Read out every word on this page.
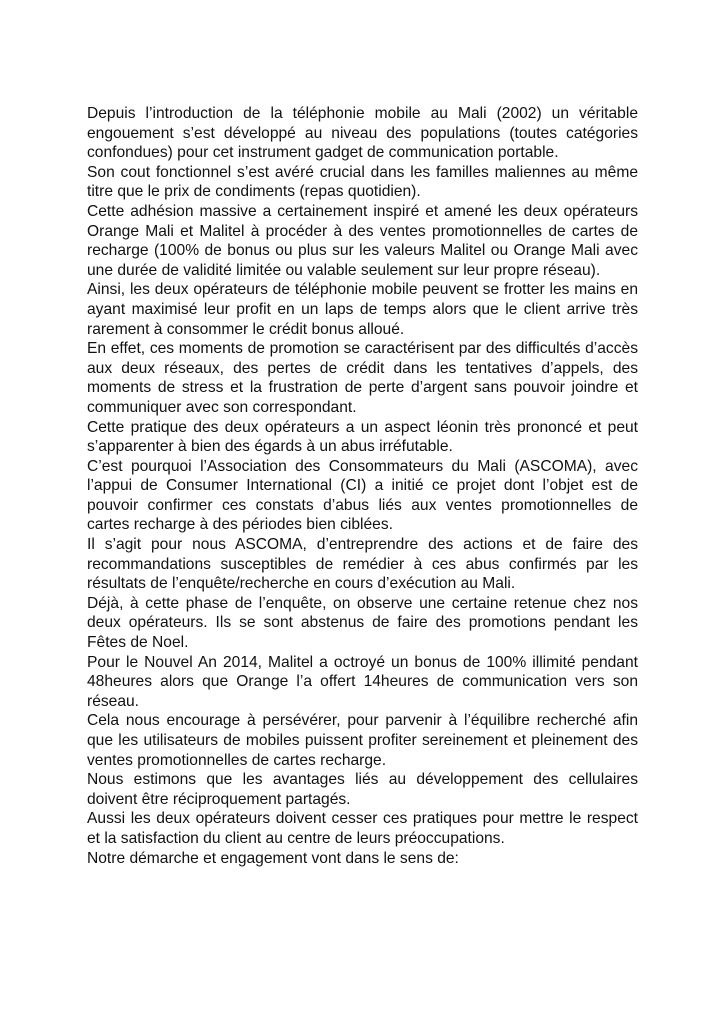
Depuis l’introduction de la téléphonie mobile au Mali (2002) un véritable engouement s’est développé au niveau des populations (toutes catégories confondues) pour cet instrument gadget de communication portable.

Son cout fonctionnel s’est avéré crucial dans les familles maliennes au même titre que le prix de condiments (repas quotidien).

Cette adhésion massive a certainement inspiré et amené les deux opérateurs Orange Mali et Malitel à procéder à des ventes promotionnelles de cartes de recharge (100% de bonus ou plus sur les valeurs Malitel ou Orange Mali avec une durée de validité limitée ou valable seulement sur leur propre réseau).

Ainsi, les deux opérateurs de téléphonie mobile peuvent se frotter les mains en ayant maximisé leur profit en un laps de temps alors que le client arrive très rarement à consommer le crédit bonus alloué.

En effet, ces moments de promotion se caractérisent par des difficultés d’accès aux deux réseaux, des pertes de crédit dans les tentatives d’appels, des moments de stress et la frustration de perte d’argent sans pouvoir joindre et communiquer avec son correspondant.

Cette pratique des deux opérateurs a un aspect léonin très prononcé et peut s’apparenter à bien des égards à un abus irréfutable.

C’est pourquoi l’Association des Consommateurs du Mali (ASCOMA), avec l’appui de Consumer International (CI) a initié ce projet dont l’objet est de pouvoir confirmer ces constats d’abus liés aux ventes promotionnelles de cartes recharge à des périodes bien ciblées.

Il s’agit pour nous ASCOMA, d’entreprendre des actions et de faire des recommandations susceptibles de remédier à ces abus confirmés par les résultats de l’enquête/recherche en cours d’exécution au Mali.

Déjà, à cette phase de l’enquête, on observe une certaine retenue chez nos deux opérateurs. Ils se sont abstenus de faire des promotions pendant les Fêtes de Noel.

Pour le Nouvel An 2014, Malitel a octroyé un bonus de 100% illimité pendant 48heures alors que Orange l’a offert 14heures de communication vers son réseau.

Cela nous encourage à persévérer, pour parvenir à l’équilibre recherché afin que les utilisateurs de mobiles puissent profiter sereinement et pleinement des ventes promotionnelles de cartes recharge.

Nous estimons que les avantages liés au développement des cellulaires doivent être réciproquement partagés.

Aussi les deux opérateurs doivent cesser ces pratiques pour mettre le respect et la satisfaction du client au centre de leurs préoccupations.

Notre démarche et engagement vont dans le sens de:
